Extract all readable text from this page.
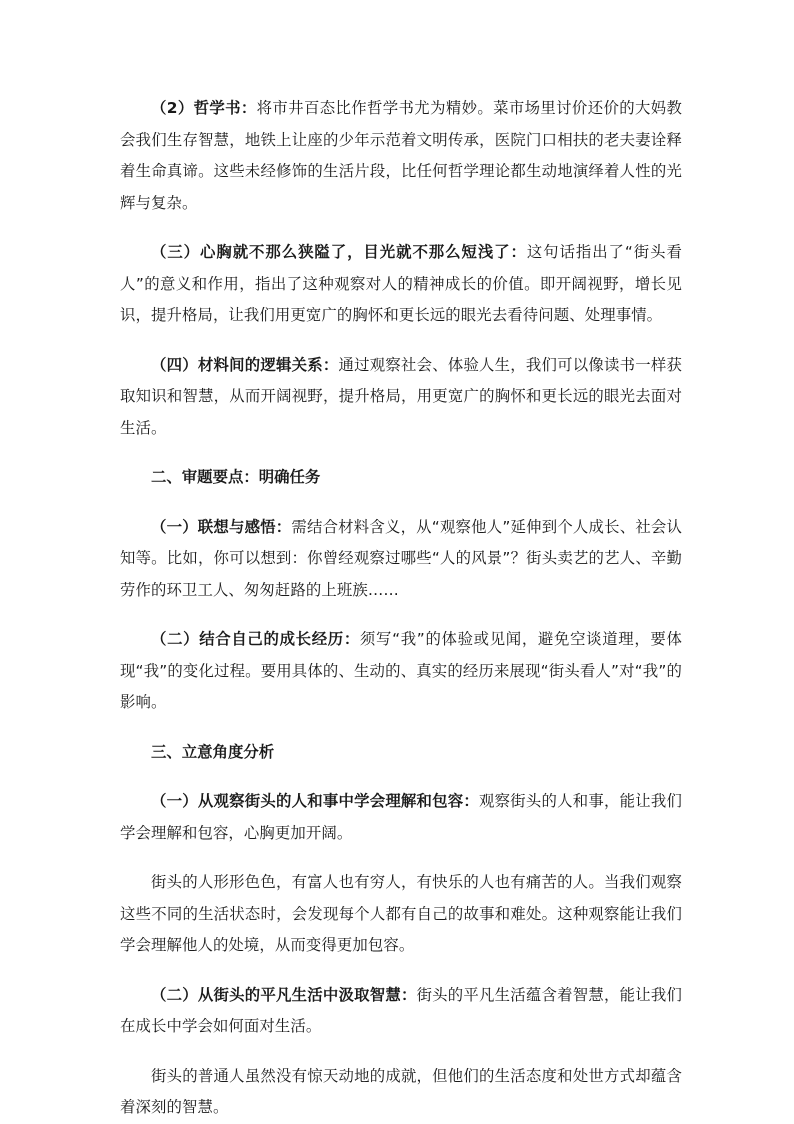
（2）哲学书：将市井百态比作哲学书尤为精妙。菜市场里讨价还价的大妈教会我们生存智慧，地铁上让座的少年示范着文明传承，医院门口相扶的老夫妻诠释着生命真谛。这些未经修饰的生活片段，比任何哲学理论都生动地演绎着人性的光辉与复杂。

（三）心胸就不那么狭隘了，目光就不那么短浅了：这句话指出了“街头看人”的意义和作用，指出了这种观察对人的精神成长的价值。即开阔视野，增长见识，提升格局，让我们用更宽广的胸怀和更长远的眼光去看待问题、处理事情。

（四）材料间的逻辑关系：通过观察社会、体验人生，我们可以像读书一样获取知识和智慧，从而开阔视野，提升格局，用更宽广的胸怀和更长远的眼光去面对生活。

二、审题要点：明确任务

（一）联想与感悟：需结合材料含义，从“观察他人”延伸到个人成长、社会认知等。比如，你可以想到：你曾经观察过哪些“人的风景”？街头卖艺的艺人、辛勤劳作的环卫工人、匆匆赶路的上班族……

（二）结合自己的成长经历：须写“我”的体验或见闻，避免空谈道理，要体现“我”的变化过程。要用具体的、生动的、真实的经历来展现“街头看人”对“我”的影响。

三、立意角度分析

（一）从观察街头的人和事中学会理解和包容：观察街头的人和事，能让我们学会理解和包容，心胸更加开阔。

街头的人形形色色，有富人也有穷人，有快乐的人也有痛苦的人。当我们观察这些不同的生活状态时，会发现每个人都有自己的故事和难处。这种观察能让我们学会理解他人的处境，从而变得更加包容。

（二）从街头的平凡生活中汲取智慧：街头的平凡生活蕴含着智慧，能让我们在成长中学会如何面对生活。

街头的普通人虽然没有惊天动地的成就，但他们的生活态度和处世方式却蕴含着深刻的智慧。
